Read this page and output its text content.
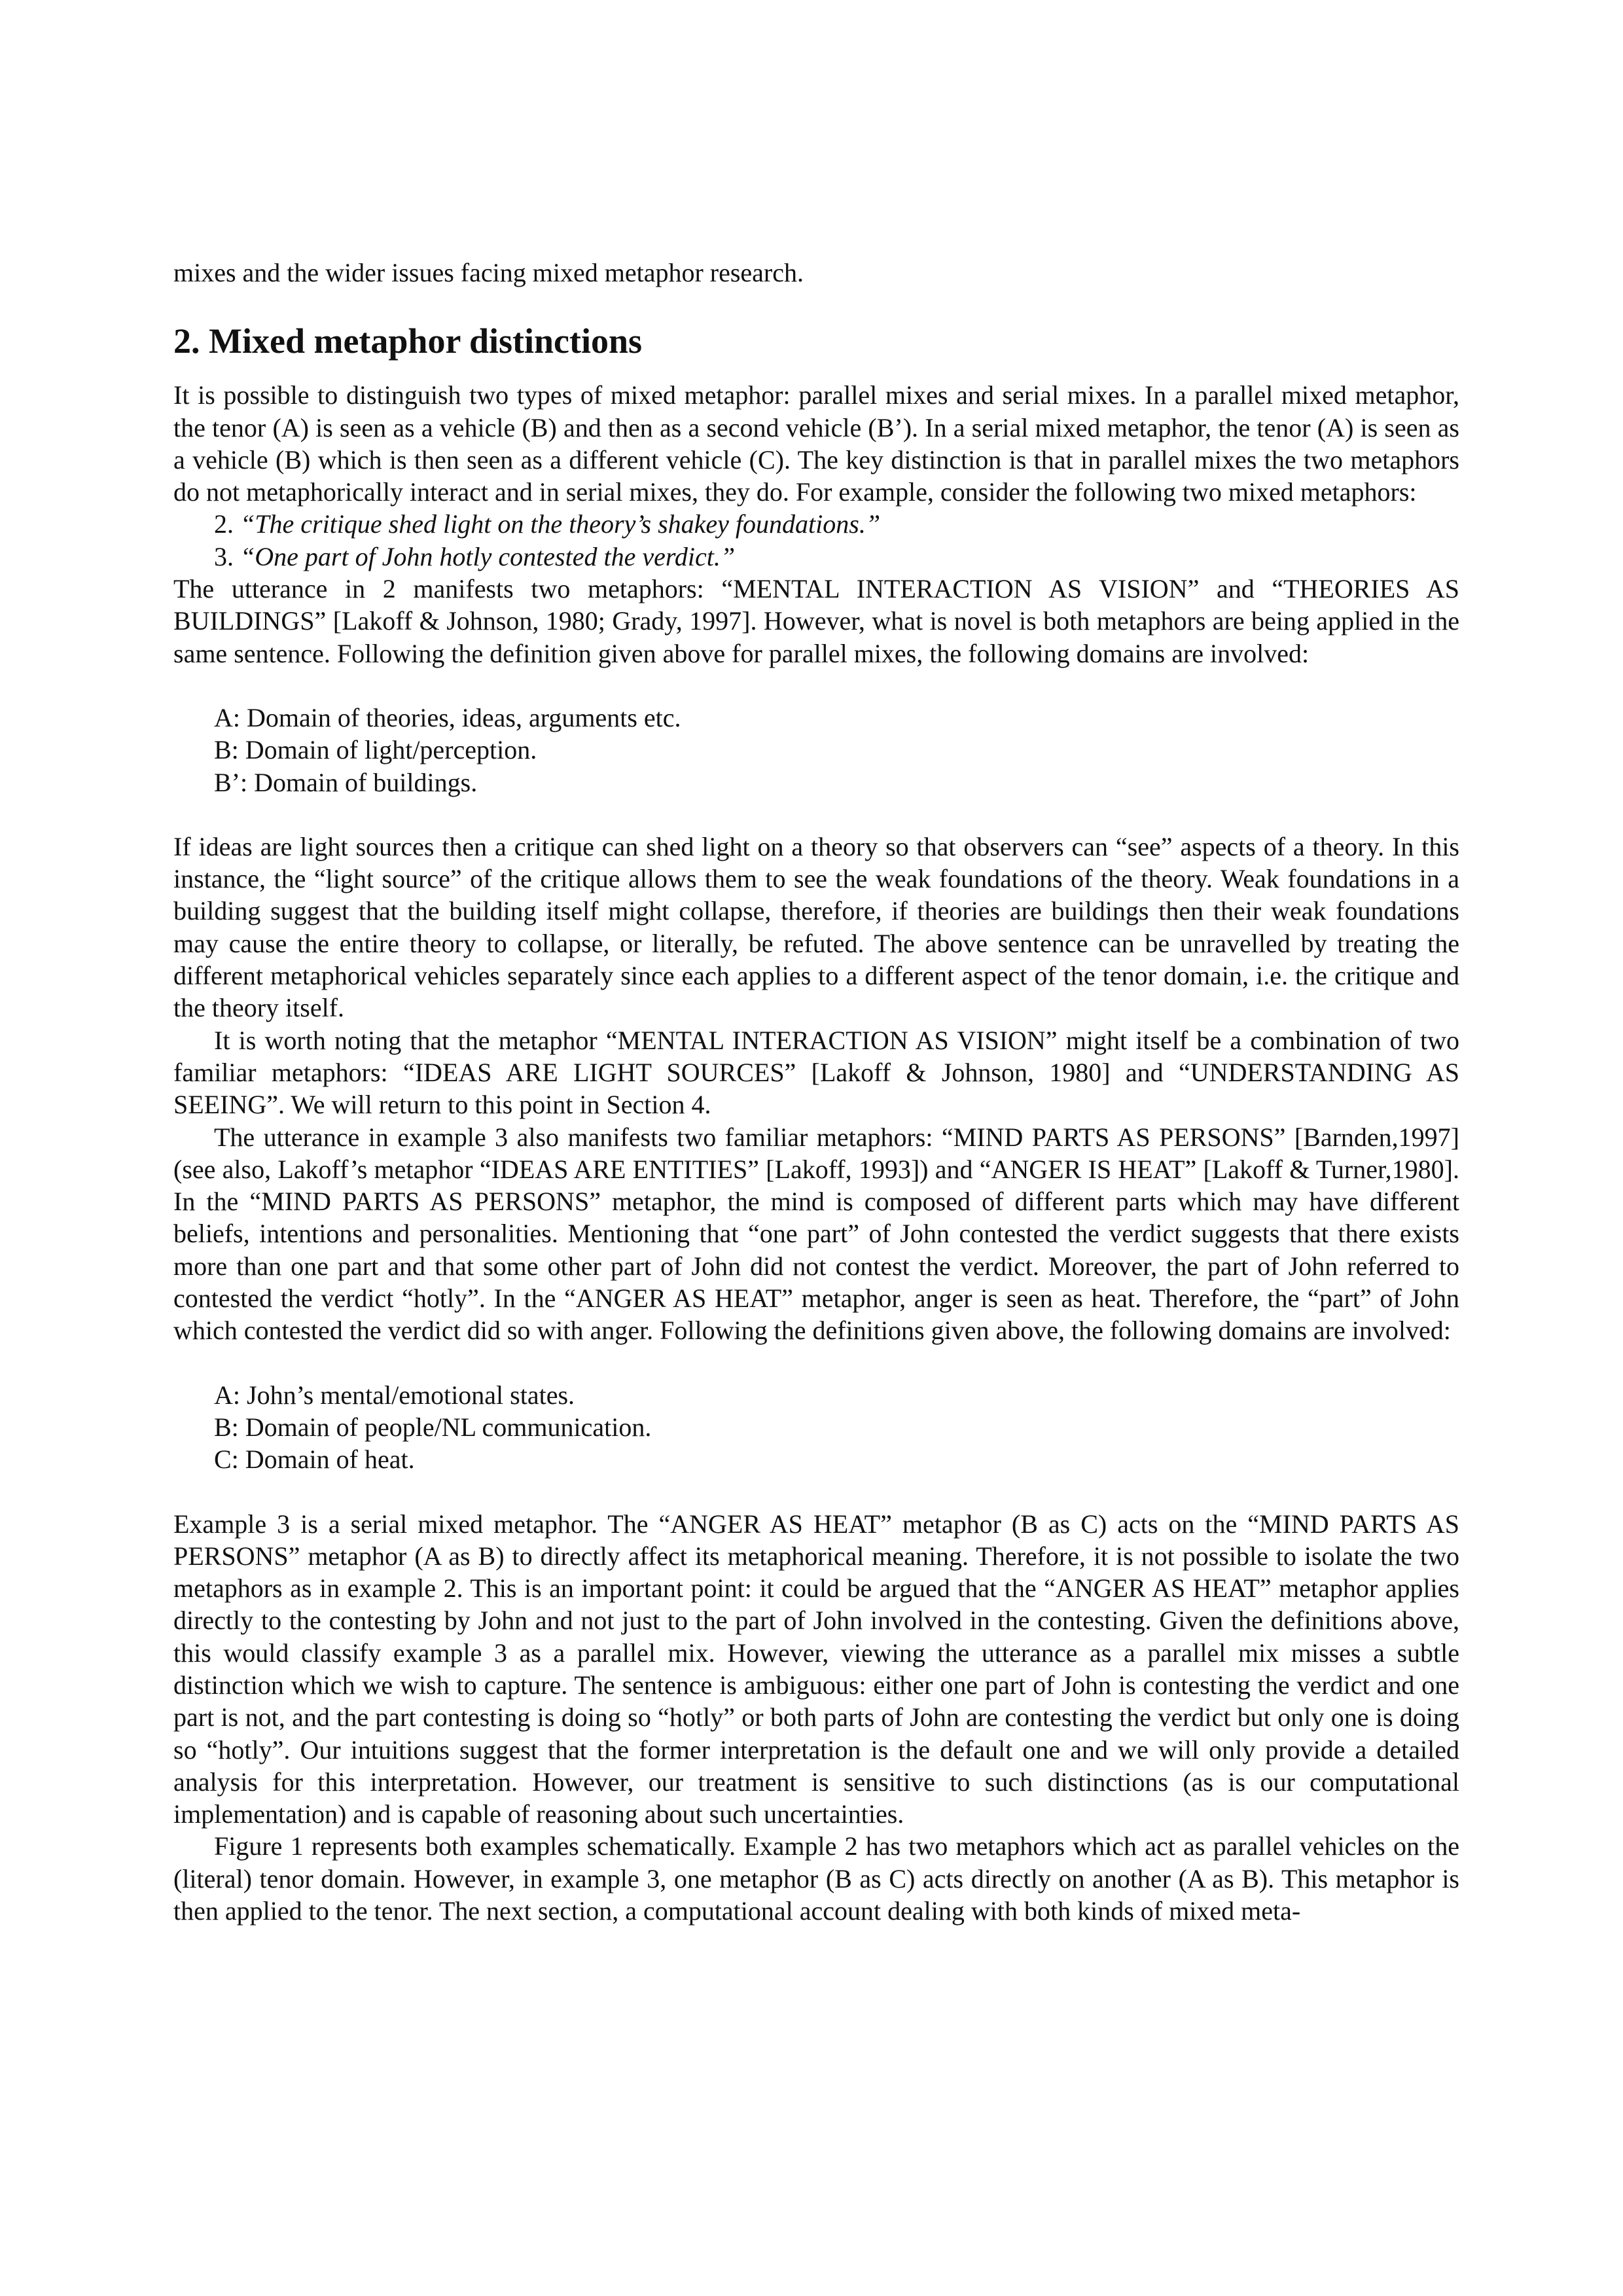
mixes and the wider issues facing mixed metaphor research.

2. Mixed metaphor distinctions

It is possible to distinguish two types of mixed metaphor: parallel mixes and serial mixes. In a parallel mixed metaphor, the tenor (A) is seen as a vehicle (B) and then as a second vehicle (B’). In a serial mixed metaphor, the tenor (A) is seen as a vehicle (B) which is then seen as a different vehicle (C). The key distinction is that in parallel mixes the two metaphors do not metaphorically interact and in serial mixes, they do. For example, consider the following two mixed metaphors:

2. “The critique shed light on the theory’s shakey foundations.”
3. “One part of John hotly contested the verdict.”

The utterance in 2 manifests two metaphors: “MENTAL INTERACTION AS VISION” and “THEORIES AS BUILDINGS” [Lakoff & Johnson, 1980; Grady, 1997]. However, what is novel is both metaphors are being applied in the same sentence. Following the definition given above for parallel mixes, the following domains are involved:

A: Domain of theories, ideas, arguments etc.
B: Domain of light/perception.
B’: Domain of buildings.

If ideas are light sources then a critique can shed light on a theory so that observers can “see” aspects of a theory. In this instance, the “light source” of the critique allows them to see the weak foundations of the theory. Weak foundations in a building suggest that the building itself might collapse, therefore, if theories are buildings then their weak foundations may cause the entire theory to collapse, or literally, be refuted. The above sentence can be unravelled by treating the different metaphorical vehicles separately since each applies to a different aspect of the tenor domain, i.e. the critique and the theory itself.

It is worth noting that the metaphor “MENTAL INTERACTION AS VISION” might itself be a combination of two familiar metaphors: “IDEAS ARE LIGHT SOURCES” [Lakoff & Johnson, 1980] and “UNDERSTANDING AS SEEING”. We will return to this point in Section 4.

The utterance in example 3 also manifests two familiar metaphors: “MIND PARTS AS PERSONS” [Barnden,1997] (see also, Lakoff’s metaphor “IDEAS ARE ENTITIES” [Lakoff, 1993]) and “ANGER IS HEAT” [Lakoff & Turner,1980]. In the “MIND PARTS AS PERSONS” metaphor, the mind is composed of different parts which may have different beliefs, intentions and personalities. Mentioning that “one part” of John contested the verdict suggests that there exists more than one part and that some other part of John did not contest the verdict. Moreover, the part of John referred to contested the verdict “hotly”. In the “ANGER AS HEAT” metaphor, anger is seen as heat. Therefore, the “part” of John which contested the verdict did so with anger. Following the definitions given above, the following domains are involved:

A: John’s mental/emotional states.
B: Domain of people/NL communication.
C: Domain of heat.

Example 3 is a serial mixed metaphor. The “ANGER AS HEAT” metaphor (B as C) acts on the “MIND PARTS AS PERSONS” metaphor (A as B) to directly affect its metaphorical meaning. Therefore, it is not possible to isolate the two metaphors as in example 2. This is an important point: it could be argued that the “ANGER AS HEAT” metaphor applies directly to the contesting by John and not just to the part of John involved in the contesting. Given the definitions above, this would classify example 3 as a parallel mix. However, viewing the utterance as a parallel mix misses a subtle distinction which we wish to capture. The sentence is ambiguous: either one part of John is contesting the verdict and one part is not, and the part contesting is doing so “hotly” or both parts of John are contesting the verdict but only one is doing so “hotly”. Our intuitions suggest that the former interpretation is the default one and we will only provide a detailed analysis for this interpretation. However, our treatment is sensitive to such distinctions (as is our computational implementation) and is capable of reasoning about such uncertainties.

Figure 1 represents both examples schematically. Example 2 has two metaphors which act as parallel vehicles on the (literal) tenor domain. However, in example 3, one metaphor (B as C) acts directly on another (A as B). This metaphor is then applied to the tenor. The next section, a computational account dealing with both kinds of mixed meta-
